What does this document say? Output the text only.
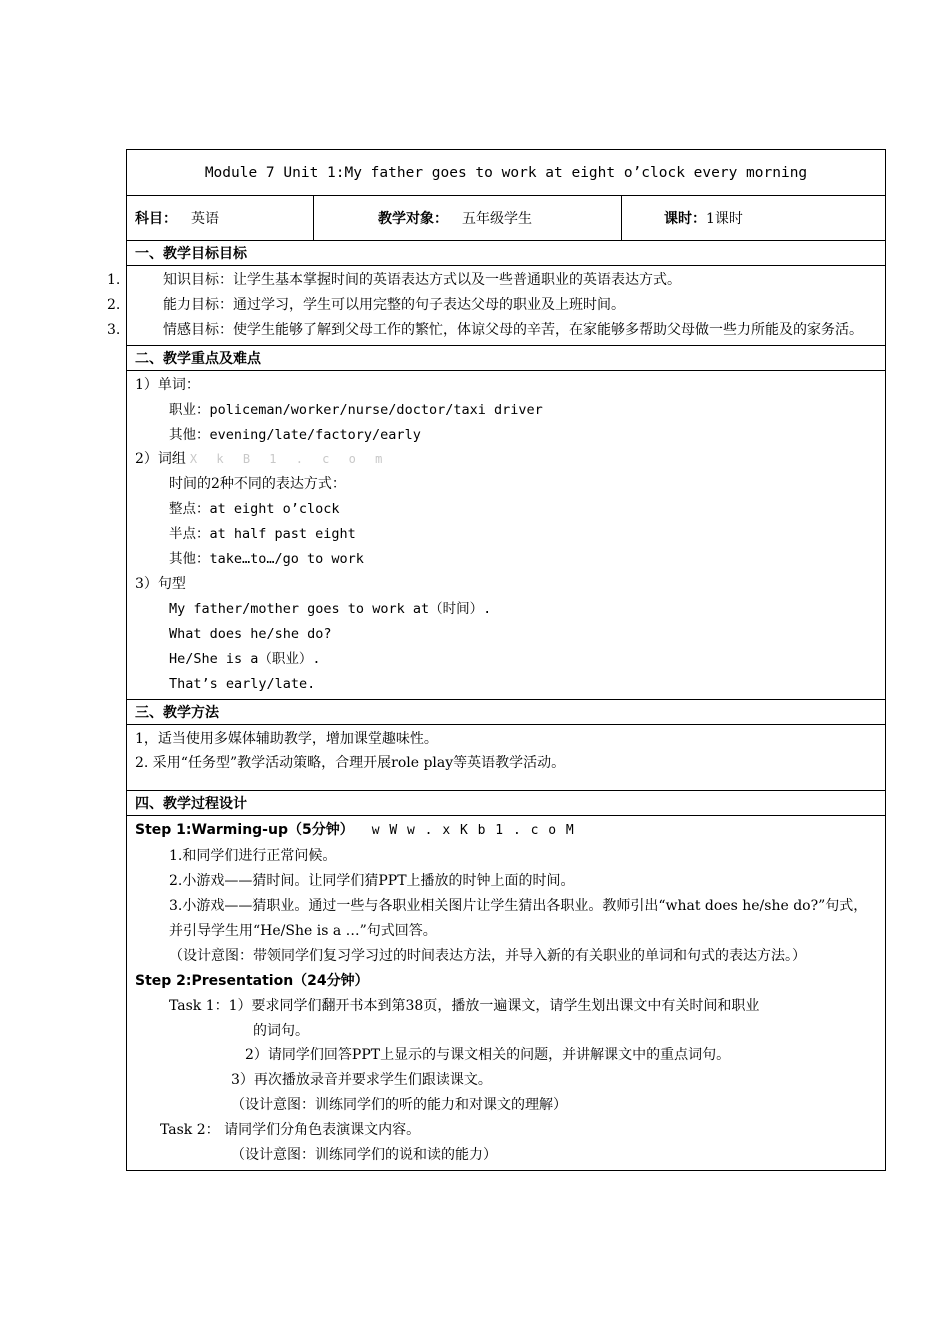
Module 7 Unit 1:My father goes to work at eight o’clock every morning
科目： 英语	教学对象： 五年级学生	课时： 1课时
一、教学目标目标
1.	知识目标：让学生基本掌握时间的英语表达方式以及一些普通职业的英语表达方式。
2.	能力目标：通过学习，学生可以用完整的句子表达父母的职业及上班时间。
3.	情感目标：使学生能够了解到父母工作的繁忙，体谅父母的辛苦，在家能够多帮助父母做一些力所能及的家务活。
二、教学重点及难点
1）单词：
职业：policeman/worker/nurse/doctor/taxi driver
其他：evening/late/factory/early
2）词组 X k B 1 . c o m
时间的2种不同的表达方式：
整点：at eight o’clock
半点：at half past eight
其他：take…to…/go to work
3）句型
My father/mother goes to work at（时间）.
What does he/she do?
He/She is a（职业）.
That’s early/late.
三、教学方法
1，适当使用多媒体辅助教学，增加课堂趣味性。
2. 采用“任务型”教学活动策略，合理开展role play等英语教学活动。
四、教学过程设计
Step 1:Warming-up（5分钟） w W w . x K b 1 . c o M
1.和同学们进行正常问候。
2.小游戏——猜时间。让同学们猜PPT上播放的时钟上面的时间。
3.小游戏——猜职业。通过一些与各职业相关图片让学生猜出各职业。教师引出“what does he/she do?”句式，并引导学生用“He/She is a …”句式回答。
（设计意图：带领同学们复习学习过的时间表达方法，并导入新的有关职业的单词和句式的表达方法。）
Step 2:Presentation（24分钟）
Task 1：1）要求同学们翻开书本到第38页，播放一遍课文，请学生划出课文中有关时间和职业
的词句。
2）请同学们回答PPT上显示的与课文相关的问题，并讲解课文中的重点词句。
3）再次播放录音并要求学生们跟读课文。
（设计意图：训练同学们的听的能力和对课文的理解）
Task 2： 请同学们分角色表演课文内容。
（设计意图：训练同学们的说和读的能力）
